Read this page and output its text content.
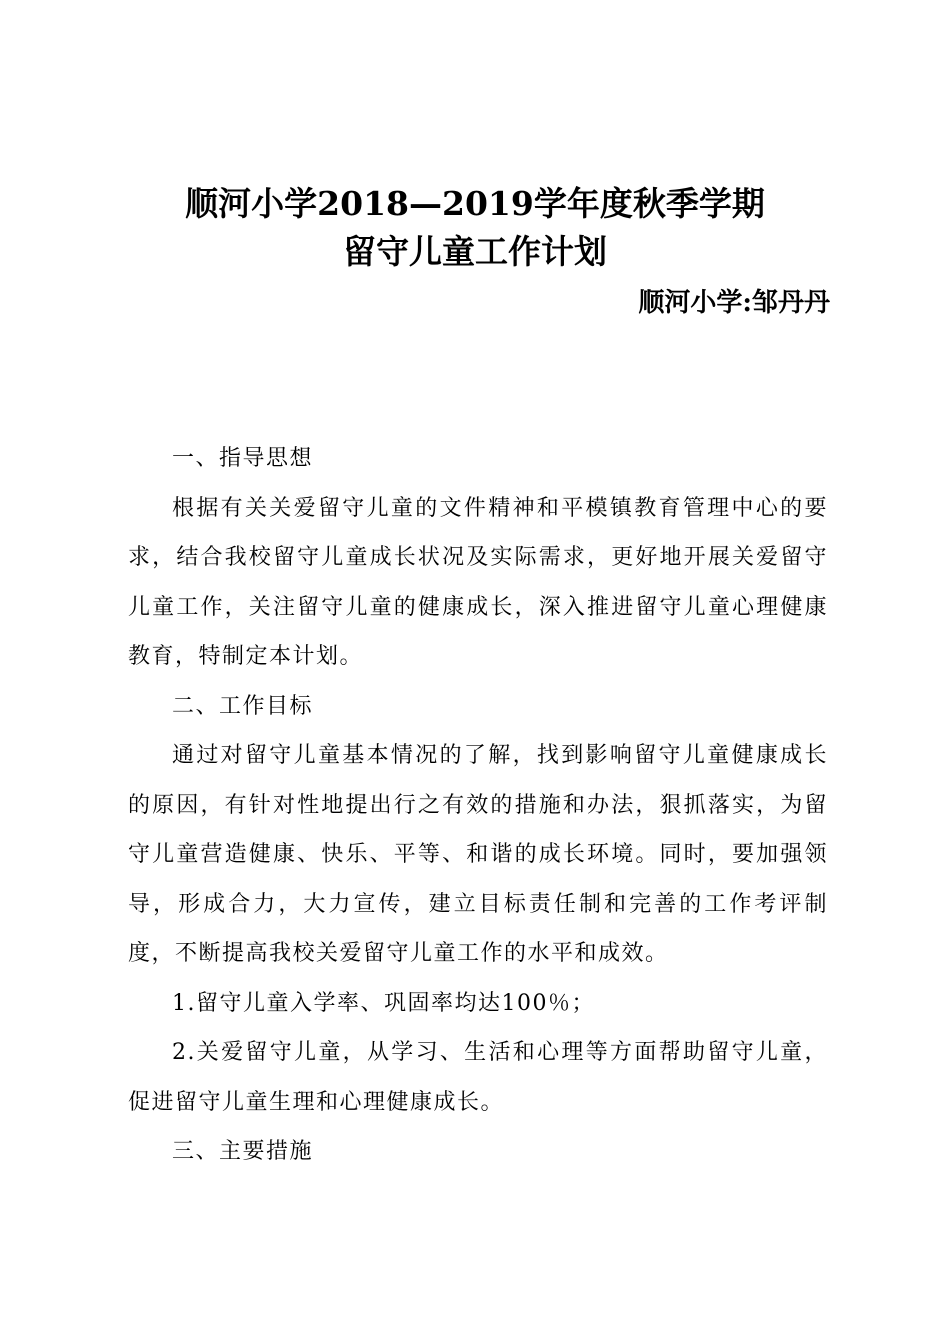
顺河小学2018—2019学年度秋季学期
留守儿童工作计划
顺河小学:邹丹丹

一、指导思想

根据有关关爱留守儿童的文件精神和平模镇教育管理中心的要求，结合我校留守儿童成长状况及实际需求，更好地开展关爱留守儿童工作，关注留守儿童的健康成长，深入推进留守儿童心理健康教育，特制定本计划。

二、工作目标

通过对留守儿童基本情况的了解，找到影响留守儿童健康成长的原因，有针对性地提出行之有效的措施和办法，狠抓落实，为留守儿童营造健康、快乐、平等、和谐的成长环境。同时，要加强领导，形成合力，大力宣传，建立目标责任制和完善的工作考评制度，不断提高我校关爱留守儿童工作的水平和成效。

1.留守儿童入学率、巩固率均达100％；

2.关爱留守儿童，从学习、生活和心理等方面帮助留守儿童，促进留守儿童生理和心理健康成长。

三、主要措施
